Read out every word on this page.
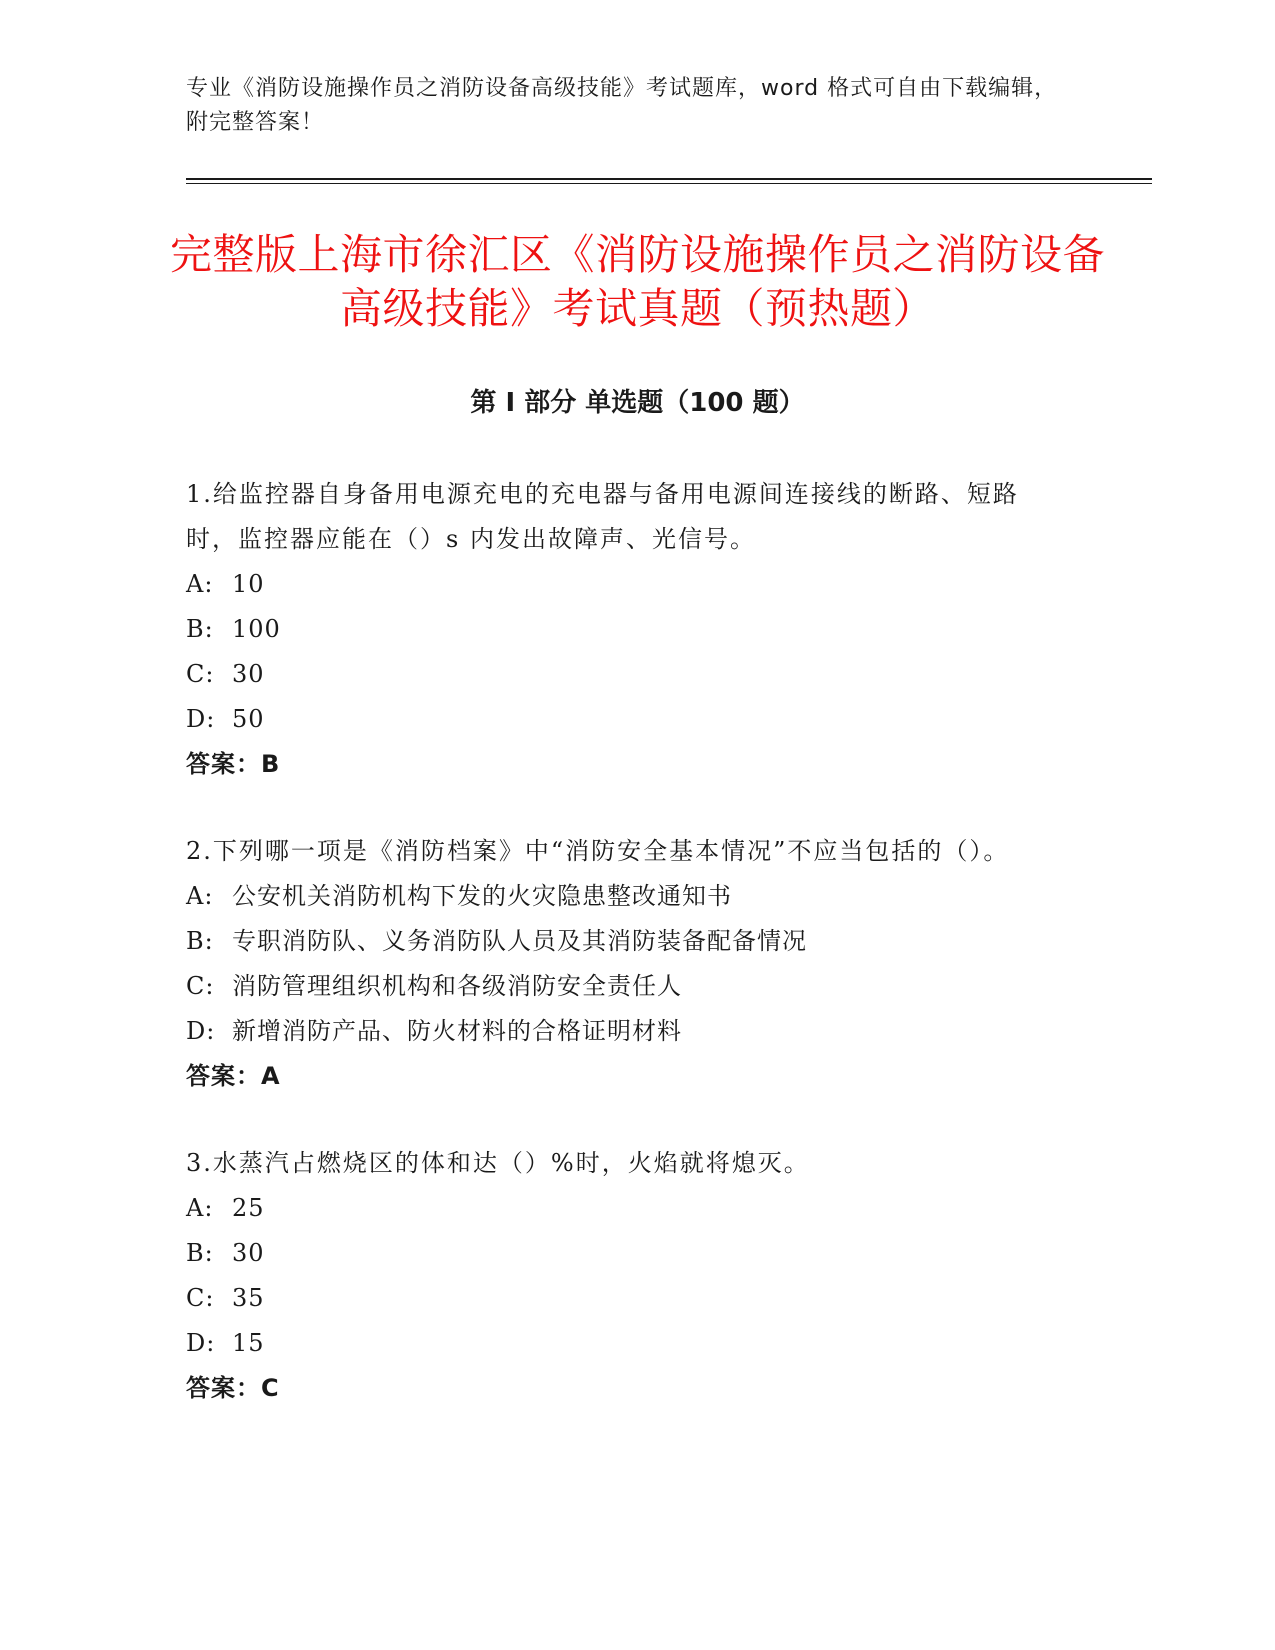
专业《消防设施操作员之消防设备高级技能》考试题库，word 格式可自由下载编辑，附完整答案！
完整版上海市徐汇区《消防设施操作员之消防设备高级技能》考试真题（预热题）
第 I 部分 单选题（100 题）
1.给监控器自身备用电源充电的充电器与备用电源间连接线的断路、短路时，监控器应能在（）s 内发出故障声、光信号。
A: 10
B: 100
C: 30
D: 50
答案：B
2.下列哪一项是《消防档案》中“消防安全基本情况”不应当包括的（）。
A: 公安机关消防机构下发的火灾隐患整改通知书
B: 专职消防队、义务消防队人员及其消防装备配备情况
C: 消防管理组织机构和各级消防安全责任人
D: 新增消防产品、防火材料的合格证明材料
答案：A
3.水蒸汽占燃烧区的体和达（）%时，火焰就将熄灭。
A: 25
B: 30
C: 35
D: 15
答案：C
